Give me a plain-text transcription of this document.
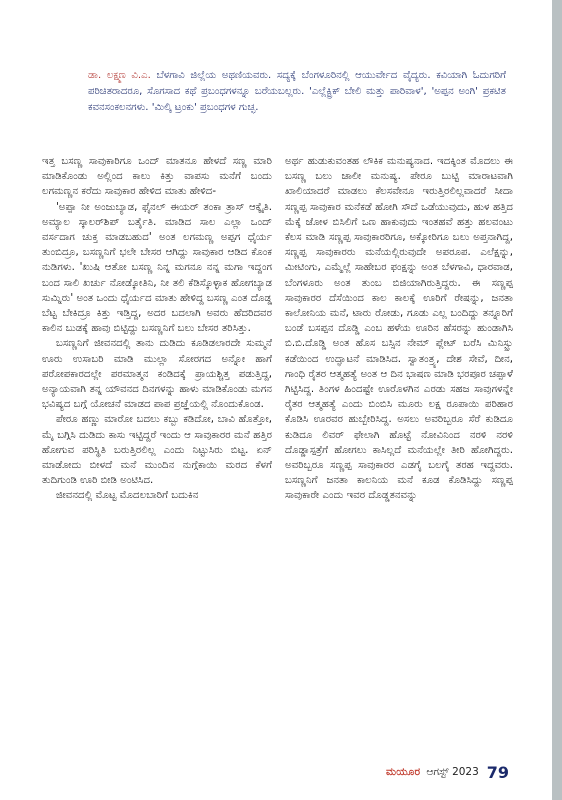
ಡಾ. ಲಕ್ಷ್ಮಣ ವಿ.ಎ. ಬೆಳಗಾವಿ ಜಿಲ್ಲೆಯ ಅಥಣಿಯವರು. ಸದ್ಯಕ್ಕೆ ಬೆಂಗಳೂರಿನಲ್ಲಿ ಆಯುರ್ವೇದ ವೈದ್ಯರು. ಕವಿಯಾಗಿ ಓದುಗರಿಗೆ ಪರಿಚಿತರಾದರೂ, ಸೊಗಸಾದ ಕಥೆ ಪ್ರಬಂಧಗಳನ್ನೂ ಬರೆಯಬಲ್ಲರು. 'ಎಲ್ಲೆಕ್ಟ್ರಿಕ್ ಬೇಲಿ ಮತ್ತು ಪಾರಿವಾಳ', 'ಅಪ್ಪನ ಅಂಗಿ' ಪ್ರಕಟಿತ ಕವನಸಂಕಲನಗಳು. 'ಮಿಲ್ಕಿ ಟ್ರಂಕು' ಪ್ರಬಂಧಗಳ ಗುಚ್ಛ.

ಇತ್ತ ಬಸಣ್ಣ ಸಾವುಕಾರಿಗೂ ಒಂದ್ ಮಾತನೂ ಹೇಳದೆ ಸಣ್ಣ ಮಾರಿ ಮಾಡಿಕೊಂಡು ಅಲ್ಲಿಂದ ಕಾಲು ಕಿತ್ತು ವಾಪಸು ಮನೆಗೆ ಬಂದು ಲಗಮಣ್ಣನ ಕರೆದು ಸಾವುಕಾರ ಹೇಳಿದ ಮಾತು ಹೇಳಿದ-

'ಅಪ್ಪಾ ನೀ ಅಂಜುಬ್ಯಾಡ, ಫೈನಲ್ ಈಯರ್ ತಂಕಾ ತ್ರಾಸ್ ಆಕ್ಕೈತಿ. ಅಮ್ಯಾಲ ಸ್ಕಾಲರ್‌ಶಿಪ್ ಬರ್ತೈತಿ. ಮಾಡಿದ ಸಾಲ ಎಲ್ಲಾ ಒಂದ್ ವರ್ಸದಾಗ ಚುಕ್ತ ಮಾಡಬಹುದ' ಅಂತ ಲಗಮಣ್ಣ ಅಪ್ಪಗ ಧೈರ್ಯ ತುಂಬಿದ್ರೂ, ಬಸಣ್ಣನಿಗೆ ಭಲೇ ಬೇಸರ ಆಗಿದ್ದು ಸಾವುಕಾರ ಆಡಿದ ಕೊಂಕ ನುಡಿಗಳು. 'ಖುಷಿ ಆತೋ ಬಸಣ್ಣ ನಿನ್ನ ಮಗನೂ ನನ್ನ ಮಗಾ ಇದ್ದಂಗ ಬಂದ ಸಾಲಿ ಖರ್ಚು ನೋಡ್ಕೋತಿನಿ, ನೀ ತಲಿ ಕೆಡಿಸ್ಕೊಳ್ಳಾಕ ಹೋಗಬ್ಯಾಡ ಸುಮ್ನಿರು' ಅಂತ ಒಂದು ಧೈರ್ಯದ ಮಾತು ಹೇಳಿದ್ದ ಬಸಣ್ಣ ಎಂತ ದೊಡ್ಡ ಬೆಟ್ಟ ಬೇಕಿದ್ರೂ ಕಿತ್ತು ಇಡ್ತಿದ್ದ, ಅದರ ಬದಲಾಗಿ ಅವರು ಹೆದರಿದವರ ಕಾಲಿನ ಬುಡಕ್ಕೆ ಹಾವು ಬಿಟ್ಟಿದ್ದು ಬಸಣ್ಣನಿಗೆ ಬಲು ಬೇಸರ ತರಿಸಿತ್ತು.

ಬಸಣ್ಣನಿಗೆ ಜೀವನದಲ್ಲಿ ತಾನು ದುಡಿದು ಕೂಡಿಡಲಾರದೇ ಸುಮ್ಮನೆ ಊರು ಉಸಾಬರಿ ಮಾಡಿ ಮುಲ್ಲಾ ಸೋರಗದ ಅನ್ನೋ ಹಾಗೆ ಪರೋಪಕಾರದಲ್ಲೇ ಪರಮಾತ್ಮನ ಕಂಡಿದಕ್ಕೆ ಪ್ರಾಯಶ್ಚಿತ್ತ ಪಡುತ್ತಿದ್ದ, ಅನ್ಯಾಯವಾಗಿ ತನ್ನ ಯೌವನದ ದಿನಗಳನ್ನು ಹಾಳು ಮಾಡಿಕೊಂಡು ಮಗನ ಭವಿಷ್ಯದ ಬಗ್ಗೆ ಯೋಚನೆ ಮಾಡದ ಪಾಪ ಪ್ರಜ್ಞೆಯಲ್ಲಿ ನೊಂದುಕೊಂಡ.

ಪೇರೂ ಹಣ್ಣು ಮಾರೋ ಬದಲು ಕಬ್ಬು ಕಡಿದೋ, ಬಾವಿ ಹೊತ್ತೋ, ಮೈ ಬಗ್ಗಿಸಿ ದುಡಿದು ಕಾಸು ಇಟ್ಟಿದ್ದರೆ ಇಂದು ಆ ಸಾವುಕಾರರ ಮನೆ ಹತ್ತಿರ ಹೋಗುವ ಪರಿಸ್ಥಿತಿ ಬರುತ್ತಿರಲಿಲ್ಲ ಎಂದು ನಿಟ್ಟುಸಿರು ಬಿಟ್ಟ. ಏನ್ ಮಾಡೋದು ಬೀಳದೆ ಮನೆ ಮುಂದಿನ ನುಗ್ಗೆಕಾಯಿ ಮರದ ಕೆಳಗೆ ತುದಿಗುಂಡಿ ಊರಿ ಬೀಡಿ ಅಂಟಿಸಿದ.

ಜೀವನದಲ್ಲಿ ಮೊಟ್ಟ ಮೊದಲಬಾರಿಗೆ ಬದುಕಿನ

ಅರ್ಥ ಹುಡುಕುವಂತಹ ಲೌಕಿಕ ಮನುಷ್ಯನಾದ. ಇದಕ್ಕಿಂತ ಮೊದಲು ಈ ಬಸಣ್ಣ ಬಲು ಜಾಲೀ ಮನುಷ್ಯ. ಪೇರೂ ಬುಟ್ಟಿ ಮಾರಾಟವಾಗಿ ಖಾಲಿಯಾದರೆ ಮಾಡಲು ಕೆಲಸವೇನೂ ಇರುತ್ತಿರಲಿಲ್ಲವಾದರೆ ಸೀದಾ ಸಣ್ಣಪ್ಪ ಸಾವುಕಾರ ಮನೆಕಡೆ ಹೋಗಿ ಸೌದೆ ಒಡೆಯುವುದು, ಹುಳ ಹತ್ತಿದ ಮೆಕ್ಕೆ ಜೋಳ ಬಿಸಿಲಿಗೆ ಒಣ ಹಾಕುವುದು ಇಂತಹವೆ ಹತ್ತು ಹಲವಂಟು ಕೆಲಸ ಮಾಡಿ ಸಣ್ಣಪ್ಪ ಸಾವುಕಾರರಿಗೂ, ಅಕ್ಕೋರಿಗೂ ಬಲು ಅಪ್ತನಾಗಿದ್ದ, ಸಣ್ಣಪ್ಪ ಸಾವುಕಾರರು ಮನೆಯಲ್ಲಿರುವುದೇ ಅಪರೂಪ. ಎಲೆಕ್ಷನ್ನು, ಮೀಟಿಂಗು, ಎಮ್ಮೆಲ್ಲೆ ಸಾಹೇಬರ ಫಂಕ್ಷನ್ನು ಅಂತ ಬೆಳಗಾವಿ, ಧಾರವಾಡ, ಬೆಂಗಳೂರು ಅಂತ ತುಂಬ ಬಿಜಿಯಾಗಿರುತ್ತಿದ್ದರು. ಈ ಸಣ್ಣಪ್ಪ ಸಾವುಕಾರರ ದೆಸೆಯಿಂದ ಕಾಲ ಕಾಲಕ್ಕೆ ಊರಿಗೆ ರೇಷನ್ನು, ಜನತಾ ಕಾಲೋನಿಯ ಮನೆ, ಟಾರು ರೋಡು, ಗೂಡು ಎಲ್ಲ ಬಂದಿದ್ದು ತನ್ನೂರಿಗೆ ಬಂಡೆ ಬಸಪ್ಪನ ದೊಡ್ಡಿ ಎಂಬ ಹಳೆಯ ಊರಿನ ಹೆಸರನ್ನು ಹುಂಡಾಗಿಸಿ ಬಿ.ಬಿ.ದೊಡ್ಡಿ ಅಂತ ಹೊಸ ಬಸ್ಸಿನ ನೇಮ್ ಪ್ಲೇಟ್ ಬರೆಸಿ ಮಿನಿಸ್ಟ್ರು ಕಡೆಯಿಂದ ಉದ್ಘಾಟನೆ ಮಾಡಿಸಿದ. ಸ್ವಾತಂತ್ರ್ಯ, ದೇಶ ಸೇವೆ, ದೀನ, ಗಾಂಧಿ ರೈತರ ಆತ್ಮಹತ್ಯೆ ಅಂತ ಆ ದಿನ ಭಾಷಣ ಮಾಡಿ ಭರಪೂರ ಚಪ್ಪಾಳೆ ಗಿಟ್ಟಿಸಿದ್ದ. ತಿಂಗಳ ಹಿಂದಷ್ಟೇ ಊರೊಳಗಿನ ಎರಡು ಸಹಜ ಸಾವುಗಳನ್ನೇ ರೈತರ ಆತ್ಮಹತ್ಯೆ ಎಂದು ಬಿಂಬಿಸಿ ಮೂರು ಲಕ್ಷ ರೂಪಾಯಿ ಪರಿಹಾರ ಕೊಡಿಸಿ ಊರವರ ಹುಬ್ಬೇರಿಸಿದ್ದ. ಅಸಲು ಅವರಿಬ್ಬರೂ ಸೆರೆ ಕುಡಿದೂ ಕುಡಿದೂ ಲಿವರ್ ಫೇಲಾಗಿ ಹೊಟ್ಟೆ ನೋವಿನಿಂದ ನರಳಿ ನರಳಿ ದೊಡ್ಡಾಸ್ಪತ್ರೆಗೆ ಹೋಗಲು ಕಾಸಿಲ್ಲದೆ ಮನೆಯಲ್ಲೇ ತೀರಿ ಹೋಗಿದ್ದರು. ಅವರಿಬ್ಬರೂ ಸಣ್ಣಪ್ಪ ಸಾವುಕಾರರ ಎಡಗೈ ಬಲಗೈ ತರಹ ಇದ್ದವರು. ಬಸಣ್ಣನಿಗೆ ಜನತಾ ಕಾಲನಿಯ ಮನೆ ಕೂಡ ಕೊಡಿಸಿದ್ದು ಸಣ್ಣಪ್ಪ ಸಾವುಕಾರೇ ಎಂದು ಇವರ ದೊಡ್ಡತನವನ್ನು

ಮಯೂರ ಆಗಸ್ಟ್ 2023 79
